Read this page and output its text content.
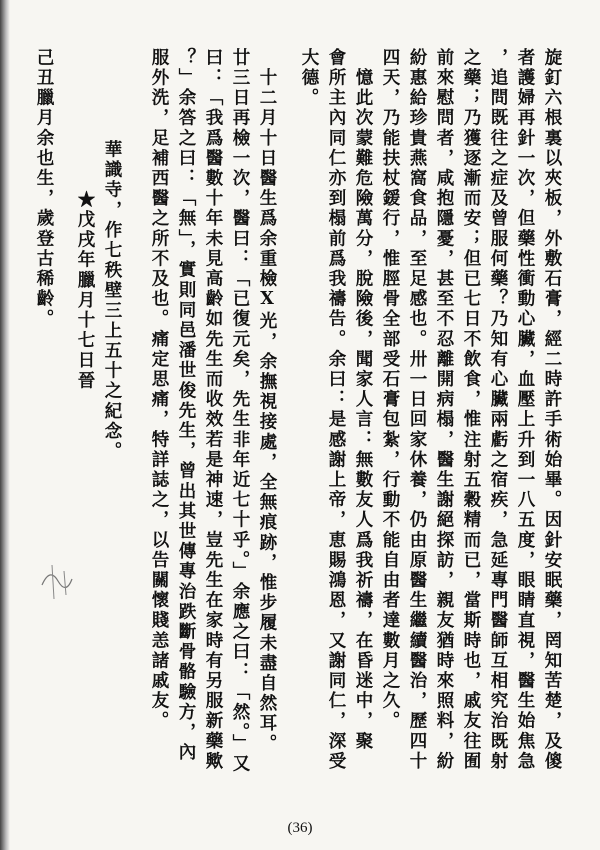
旋釘六根裏以夾板，外敷石膏，經二時許手術始畢。因針安眠藥，罔知苦楚，及傻
者護婦再針一次，但藥性衝動心臟，血壓上升到一八五度，眼睛直視，醫生始焦急
，追問既往之症及曾服何藥？乃知有心臟兩虧之宿疾，急延專門醫師互相究治既射
之藥；乃獲逐漸而安；但已七日不飲食，惟注射五穀精而已，當斯時也，戚友往囿
前來慰問者，咸抱隱憂，甚至不忍離開病榻，醫生謝絕探訪，親友猶時來照料，紛
紛惠給珍貴燕窩食品，至足感也。卅一日回家休養，仍由原醫生繼續醫治，歷四十
四天，乃能扶杖鍰行，惟脛骨全部受石膏包紮，行動不能自由者達數月之久。
　憶此次蒙難危險萬分，脫險後，聞家人言：無數友人爲我祈禱，在昏迷中，聚
會所主內同仁亦到榻前爲我禱告。余曰：是感謝上帝，恵賜鴻恩，又謝同仁，深受
大德。
　十二月十日醫生爲余重檢X光，余撫視接處，全無痕跡，惟步履未盡自然耳。
廿三日再檢一次，醫曰：「已復元矣，先生非年近七十乎。」余應之曰：「然。」又
曰：「我爲醫數十年未見高齡如先生而收效若是神速，豈先生在家時有另服新藥歟
？」余答之曰：「無」，實則同邑潘世俊先生，曾出其世傳專治跌斷骨骼驗方，內
服外洗，足補西醫之所不及也。痛定思痛，特詳誌之，以告關懷賤恙諸戚友。
　華識寺，作七秩壁三上五十之紀念。
★戊戌年臘月十七日晉
己丑臘月余也生，歲登古稀齡。
(36)
